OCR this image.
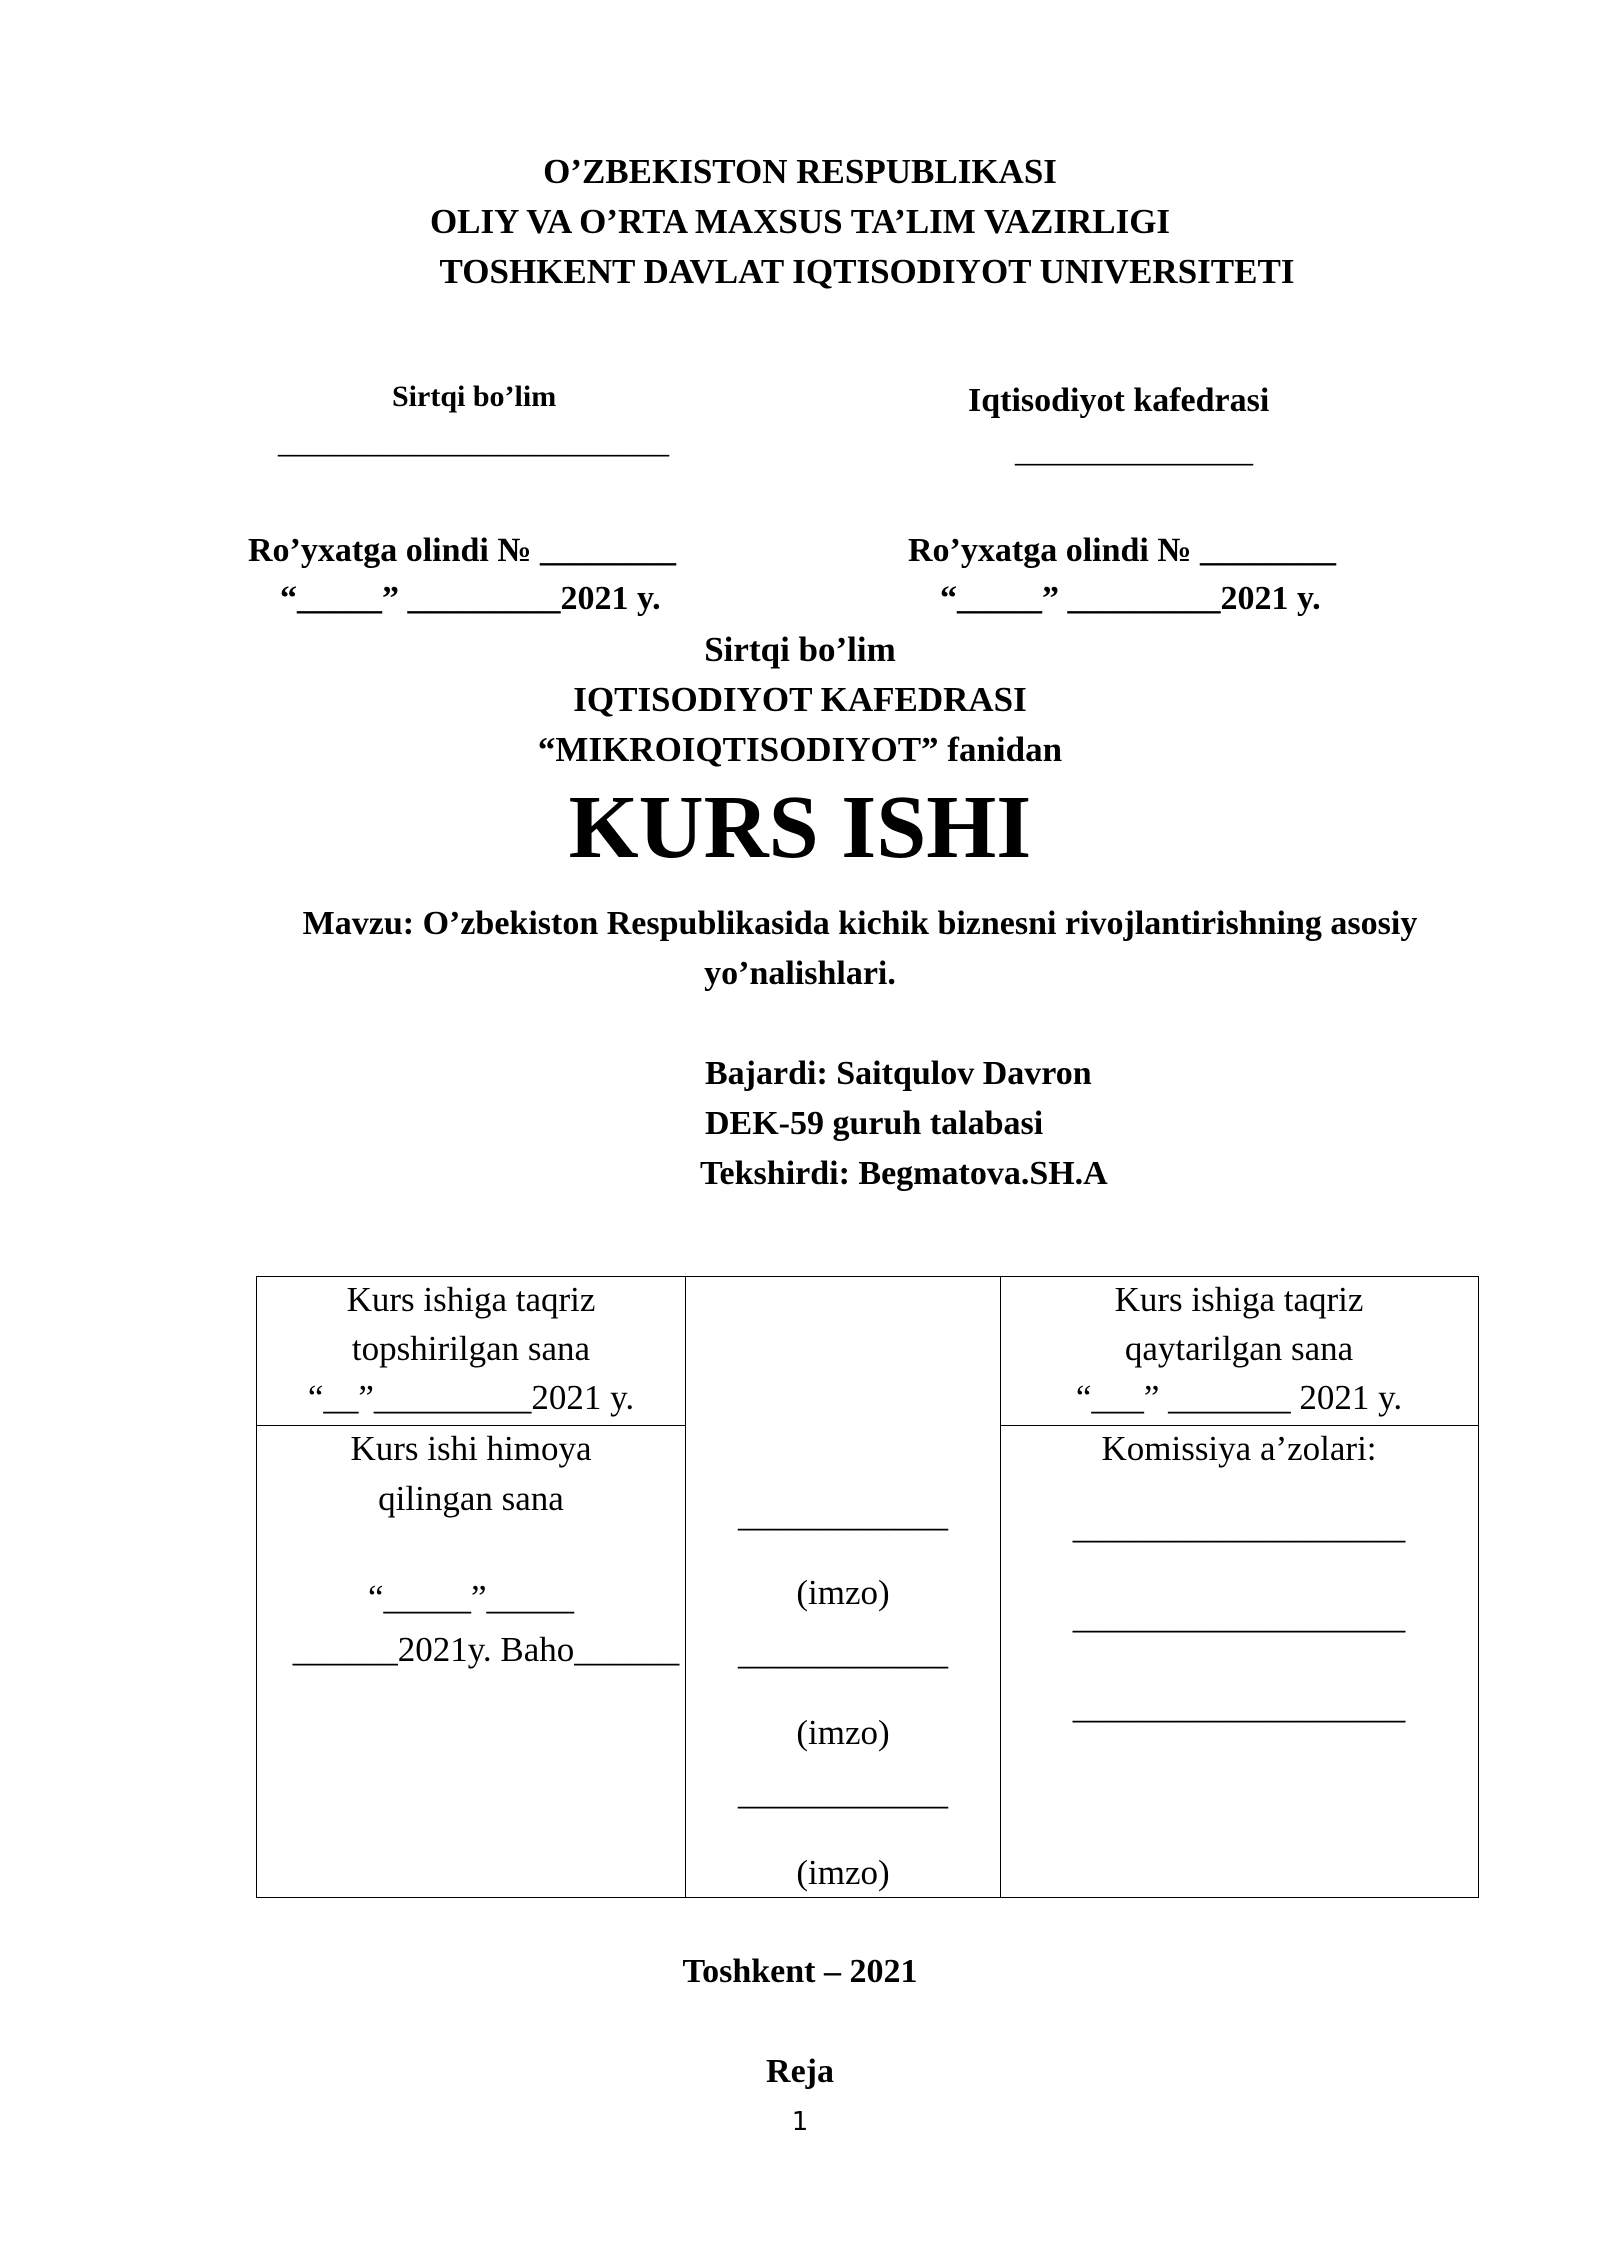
O’ZBEKISTON RESPUBLIKASI
OLIY VA O’RTA MAXSUS TA’LIM VAZIRLIGI
TOSHKENT DAVLAT IQTISODIYOT UNIVERSITETI
Sirtqi bo’lim
_______________________
Ro’yxatga olindi № ________
“_____” _________2021 y.
Iqtisodiyot kafedrasi
______________
Ro’yxatga olindi № ________
“_____” _________2021 y.
Sirtqi bo’lim
IQTISODIYOT KAFEDRASI
“MIKROIQTISODIYOT” fanidan
KURS ISHI
Mavzu: O’zbekiston Respublikasida kichik biznesni rivojlantirishning asosiy
yo’nalishlari.
Bajardi: Saitqulov Davron
DEK-59 guruh talabasi
Tekshirdi: Begmatova.SH.A
Kurs ishiga taqriz
topshirilgan sana
“__”_________2021 y.
Kurs ishiga taqriz
qaytarilgan sana
“___” _______ 2021 y.
Kurs ishi himoya
qilingan sana
“_____”_____
______2021y. Baho______
____________
(imzo)
____________
(imzo)
____________
(imzo)
Komissiya a’zolari:
___________________
___________________
___________________
Toshkent – 2021
Reja
1
